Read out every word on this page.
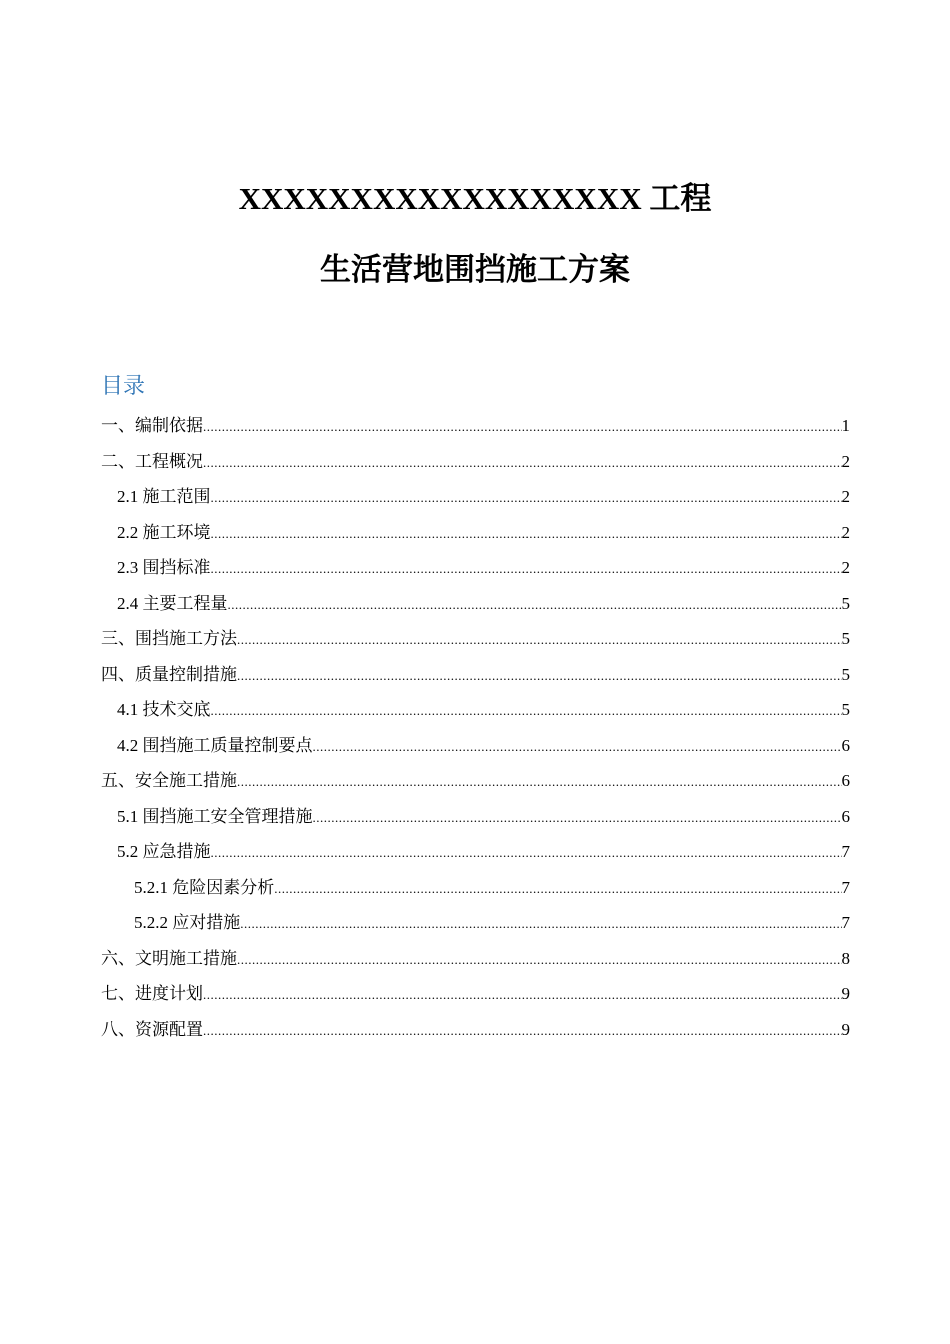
XXXXXXXXXXXXXXXXXX 工程
生活营地围挡施工方案
目录
一、编制依据 .....	1
二、工程概况 .....	2
2.1 施工范围 .....	2
2.2 施工环境 .....	2
2.3 围挡标准 .....	2
2.4 主要工程量 .....	5
三、围挡施工方法 .....	5
四、质量控制措施 .....	5
4.1 技术交底 .....	5
4.2 围挡施工质量控制要点 .....	6
五、安全施工措施 .....	6
5.1 围挡施工安全管理措施 .....	6
5.2 应急措施 .....	7
5.2.1 危险因素分析 .....	7
5.2.2 应对措施 .....	7
六、文明施工措施 .....	8
七、进度计划 .....	9
八、资源配置 .....	9
